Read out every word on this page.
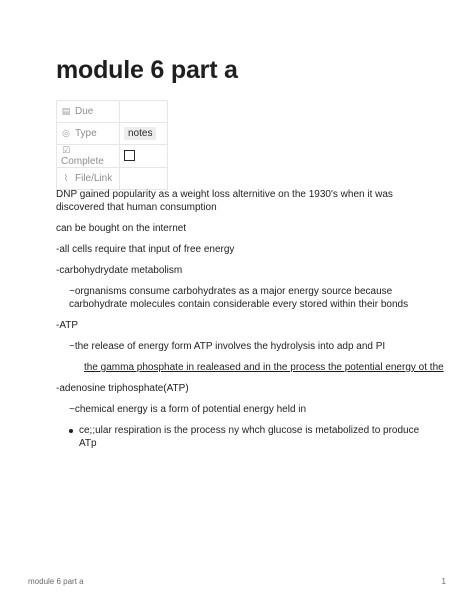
module 6 part a
▤ Due	
◎ Type	notes
☑Complete	
⌇ File/Link	

DNP gained popularity as a weight loss alternitive on the 1930's when it was discovered that human consumption

can be bought on the internet

-all cells require that input of free energy

-carbohydrydate metabolism

~orgnanisms consume carbohydrates as a major energy source because carbohydrate molecules contain considerable every stored within their bonds

-ATP

~the release of energy form ATP involves the hydrolysis into adp and PI

the gamma phosphate in realeased and in the process the potential energy ot the

-adenosine triphosphate(ATP)

~chemical energy is a form of potential energy held in

ce;;ular respiration is the process ny whch glucose is metabolized to produce ATp
module 6 part a	1
